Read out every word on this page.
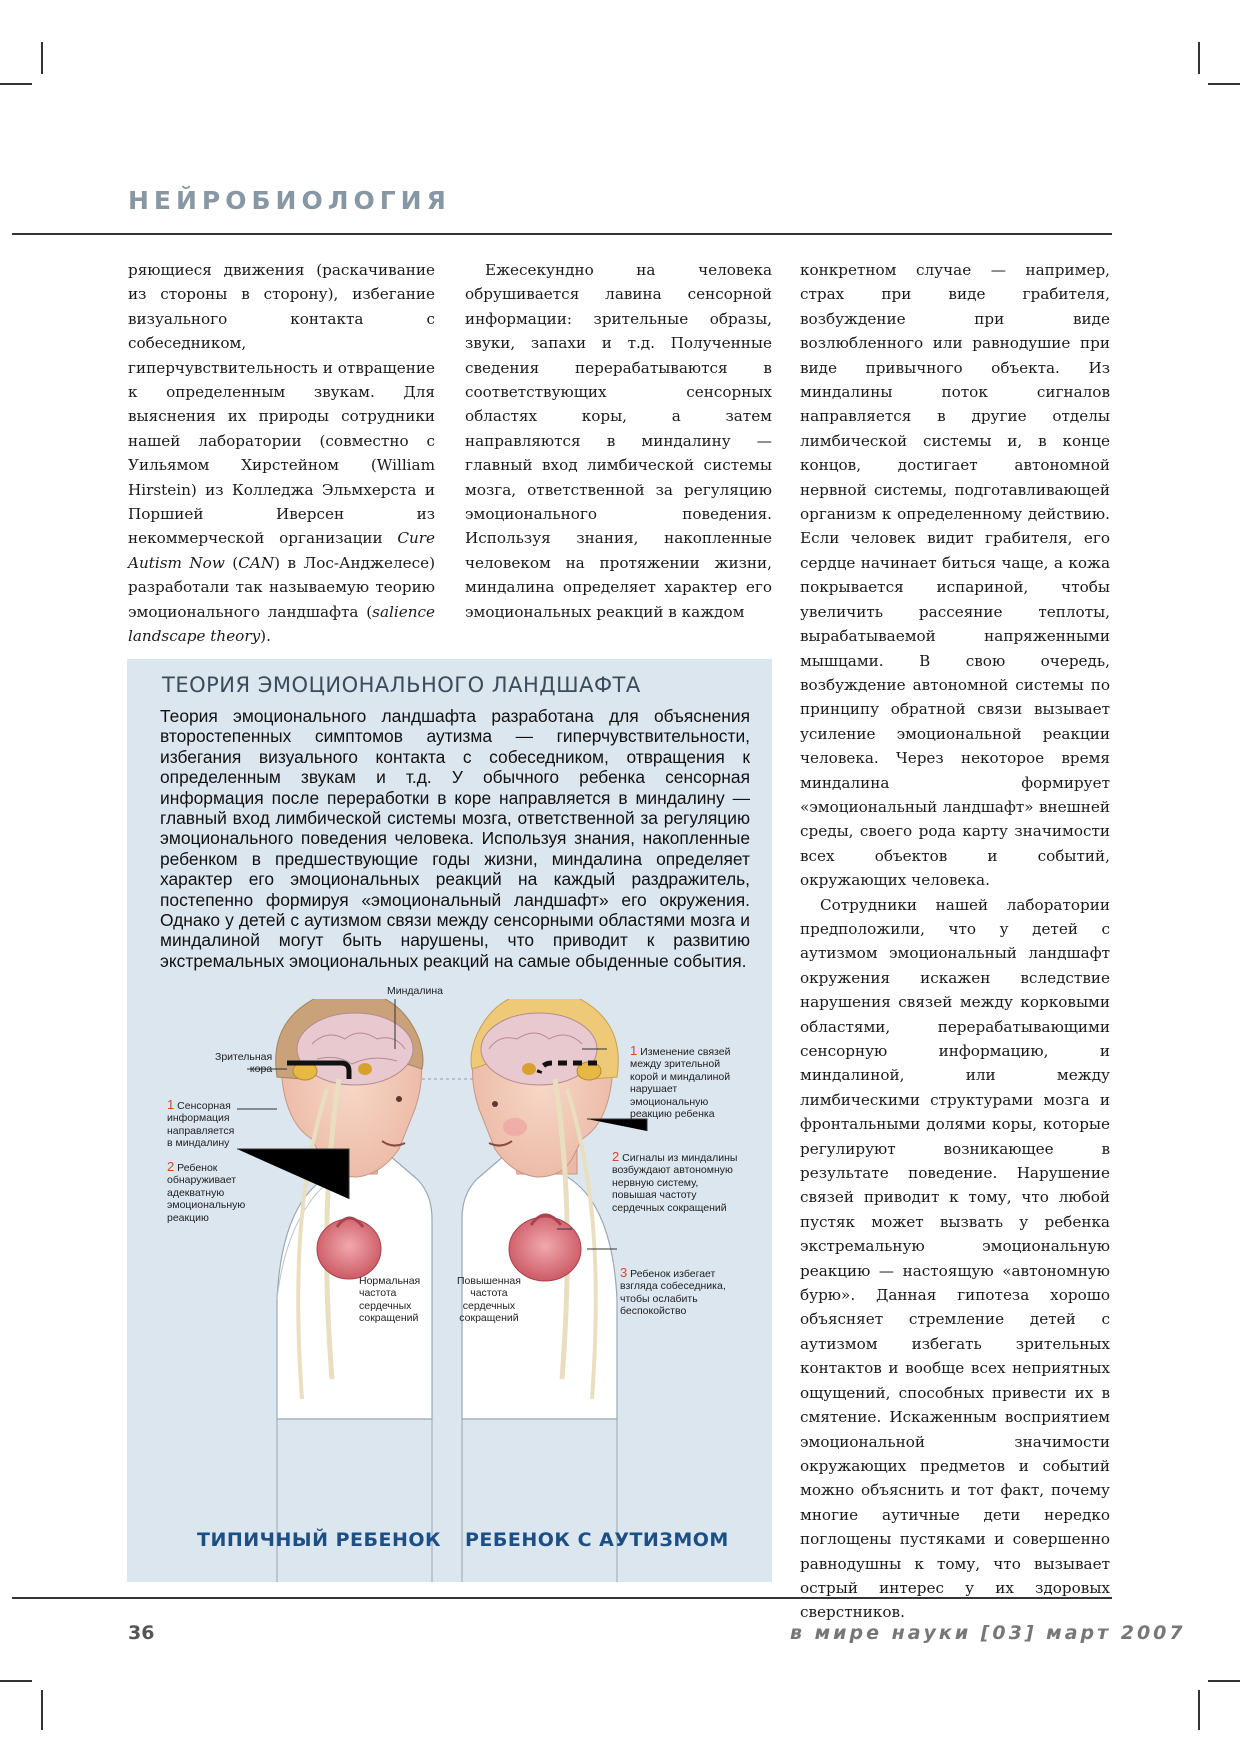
НЕЙРОБИОЛОГИЯ

ряющиеся движения (раскачивание из стороны в сторону), избегание визуального контакта с собеседником, гиперчувствительность и отвращение к определенным звукам. Для выяснения их природы сотрудники нашей лаборатории (совместно с Уильямом Хирстейном (William Hirstein) из Колледжа Эльмхерста и Поршией Иверсен из некоммерческой организации Cure Autism Now (CAN) в Лос-Анджелесе) разработали так называемую теорию эмоционального ландшафта (salience landscape theory).

Ежесекундно на человека обрушивается лавина сенсорной информации: зрительные образы, звуки, запахи и т.д. Полученные сведения перерабатываются в соответствующих сенсорных областях коры, а затем направляются в миндалину — главный вход лимбической системы мозга, ответственной за регуляцию эмоционального поведения. Используя знания, накопленные человеком на протяжении жизни, миндалина определяет характер его эмоциональных реакций в каждом

конкретном случае — например, страх при виде грабителя, возбуждение при виде возлюбленного или равнодушие при виде привычного объекта. Из миндалины поток сигналов направляется в другие отделы лимбической системы и, в конце концов, достигает автономной нервной системы, подготавливающей организм к определенному действию. Если человек видит грабителя, его сердце начинает биться чаще, а кожа покрывается испариной, чтобы увеличить рассеяние теплоты, вырабатываемой напряженными мышцами. В свою очередь, возбуждение автономной системы по принципу обратной связи вызывает усиление эмоциональной реакции человека. Через некоторое время миндалина формирует «эмоциональный ландшафт» внешней среды, своего рода карту значимости всех объектов и событий, окружающих человека.

Сотрудники нашей лаборатории предположили, что у детей с аутизмом эмоциональный ландшафт окружения искажен вследствие нарушения связей между корковыми областями, перерабатывающими сенсорную информацию, и миндалиной, или между лимбическими структурами мозга и фронтальными долями коры, которые регулируют возникающее в результате поведение. Нарушение связей приводит к тому, что любой пустяк может вызвать у ребенка экстремальную эмоциональную реакцию — настоящую «автономную бурю». Данная гипотеза хорошо объясняет стремление детей с аутизмом избегать зрительных контактов и вообще всех неприятных ощущений, способных привести их в смятение. Искаженным восприятием эмоциональной значимости окружающих предметов и событий можно объяснить и тот факт, почему многие аутичные дети нередко поглощены пустяками и совершенно равнодушны к тому, что вызывает острый интерес у их здоровых сверстников.

ТЕОРИЯ ЭМОЦИОНАЛЬНОГО ЛАНДШАФТА
Теория эмоционального ландшафта разработана для объяснения второстепенных симптомов аутизма — гиперчувствительности, избегания визуального контакта с собеседником, отвращения к определенным звукам и т.д. У обычного ребенка сенсорная информация после переработки в коре направляется в миндалину — главный вход лимбической системы мозга, ответственной за регуляцию эмоционального поведения человека. Используя знания, накопленные ребенком в предшествующие годы жизни, миндалина определяет характер его эмоциональных реакций на каждый раздражитель, постепенно формируя «эмоциональный ландшафт» его окружения. Однако у детей с аутизмом связи между сенсорными областями мозга и миндалиной могут быть нарушены, что приводит к развитию экстремальных эмоциональных реакций на самые обыденные события.
Миндалина
Зрительная
кора
1 Сенсорная
информация
направляется
в миндалину
2 Ребенок
обнаруживает
адекватную
эмоциональную
реакцию
Нормальная
частота
сердечных
сокращений
Повышенная
частота
сердечных
сокращений
1 Изменение связей
между зрительной
корой и миндалиной
нарушает
эмоциональную
реакцию ребенка
2 Сигналы из миндалины
возбуждают автономную
нервную систему,
повышая частоту
сердечных сокращений
3 Ребенок избегает
взгляда собеседника,
чтобы ослабить
беспокойство
ТИПИЧНЫЙ РЕБЕНОК РЕБЕНОК С АУТИЗМОМ
36	в мире науки [03] март 2007
